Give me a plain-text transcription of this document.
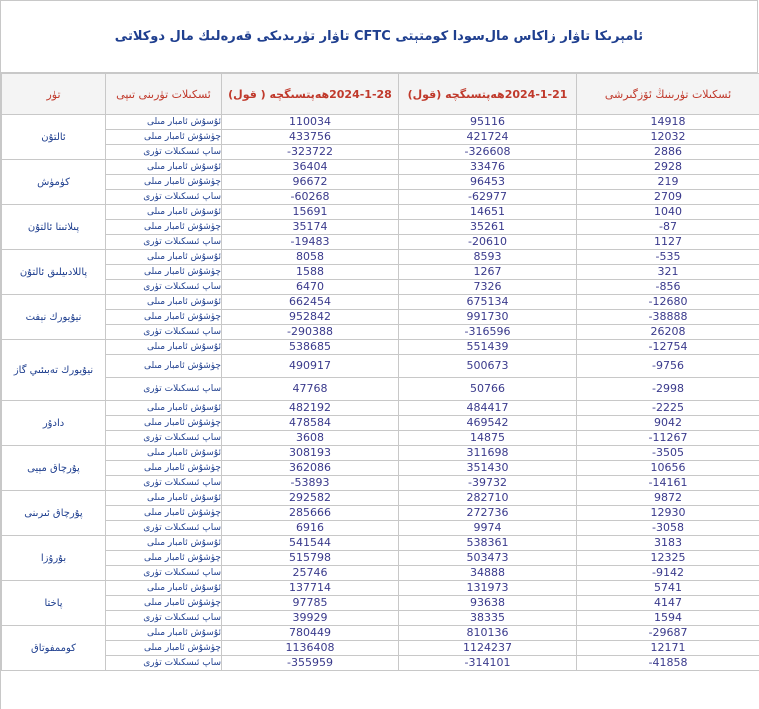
ئامېرىكا تاۋار زاكاس مال‌سودا كومتېتى CFTC تاۋار تۈرىدىكى قەرەلىك مال دوكلاتى
تۈر	ئسكىلات تۈرىنى تىپى	2024-1-28ھەپتسىگچە ( قول)	2024-1-21ھەپتسىگچە (قول)	ئسكىلات تۈرىنىڭ ئۆزگىرشى
ئالتۇن	ئۇسۇش ئامبار مىلى	110034	95116	14918
	چۈشۇش ئامبار مىلى	433756	421724	12032
	ساپ ئىسكىلات تۈرى	-323722	-326608	2886
كۈمۈش	ئۇسۇش ئامبار مىلى	36404	33476	2928
	چۈشۇش ئامبار مىلى	96672	96453	219
	ساپ ئىسكىلات تۈرى	-60268	-62977	2709
پىلاتىنا ئالتۇن	ئۇسۇش ئامبار مىلى	15691	14651	1040
	چۈشۇش ئامبار مىلى	35174	35261	-87
	ساپ ئىسكىلات تۈرى	-19483	-20610	1127
پاللادىيلىق ئالتۇن	ئۇسۇش ئامبار مىلى	8058	8593	-535
	چۈشۇش ئامبار مىلى	1588	1267	321
	ساپ ئىسكىلات تۈرى	6470	7326	-856
نيۇيورك نېفت	ئۇسۇش ئامبار مىلى	662454	675134	-12680
	چۈشۇش ئامبار مىلى	952842	991730	-38888
	ساپ ئىسكىلات تۈرى	-290388	-316596	26208
نيۇيورك تەبىئىي گاز	ئۇسۇش ئامبار مىلى	538685	551439	-12754
	چۈشۇش ئامبار مىلى	490917	500673	-9756
	ساپ ئىسكىلات تۈرى	47768	50766	-2998
دادۇر	ئۇسۇش ئامبار مىلى	482192	484417	-2225
	چۈشۇش ئامبار مىلى	478584	469542	9042
	ساپ ئىسكىلات تۈرى	3608	14875	-11267
پۇرچاق مېيى	ئۇسۇش ئامبار مىلى	308193	311698	-3505
	چۈشۇش ئامبار مىلى	362086	351430	10656
	ساپ ئىسكىلات تۈرى	-53893	-39732	-14161
پۇرچاق ئىرىنى	ئۇسۇش ئامبار مىلى	292582	282710	9872
	چۈشۇش ئامبار مىلى	285666	272736	12930
	ساپ ئىسكىلات تۈرى	6916	9974	-3058
بۇرۇزا	ئۇسۇش ئامبار مىلى	541544	538361	3183
	چۈشۇش ئامبار مىلى	515798	503473	12325
	ساپ ئىسكىلات تۈرى	25746	34888	-9142
پاختا	ئۇسۇش ئامبار مىلى	137714	131973	5741
	چۈشۇش ئامبار مىلى	97785	93638	4147
	ساپ ئىسكىلات تۈرى	39929	38335	1594
كوممفوتاق	ئۇسۇش ئامبار مىلى	780449	810136	-29687
	چۈشۇش ئامبار مىلى	1136408	1124237	12171
	ساپ ئىسكىلات تۈرى	-355959	-314101	-41858
